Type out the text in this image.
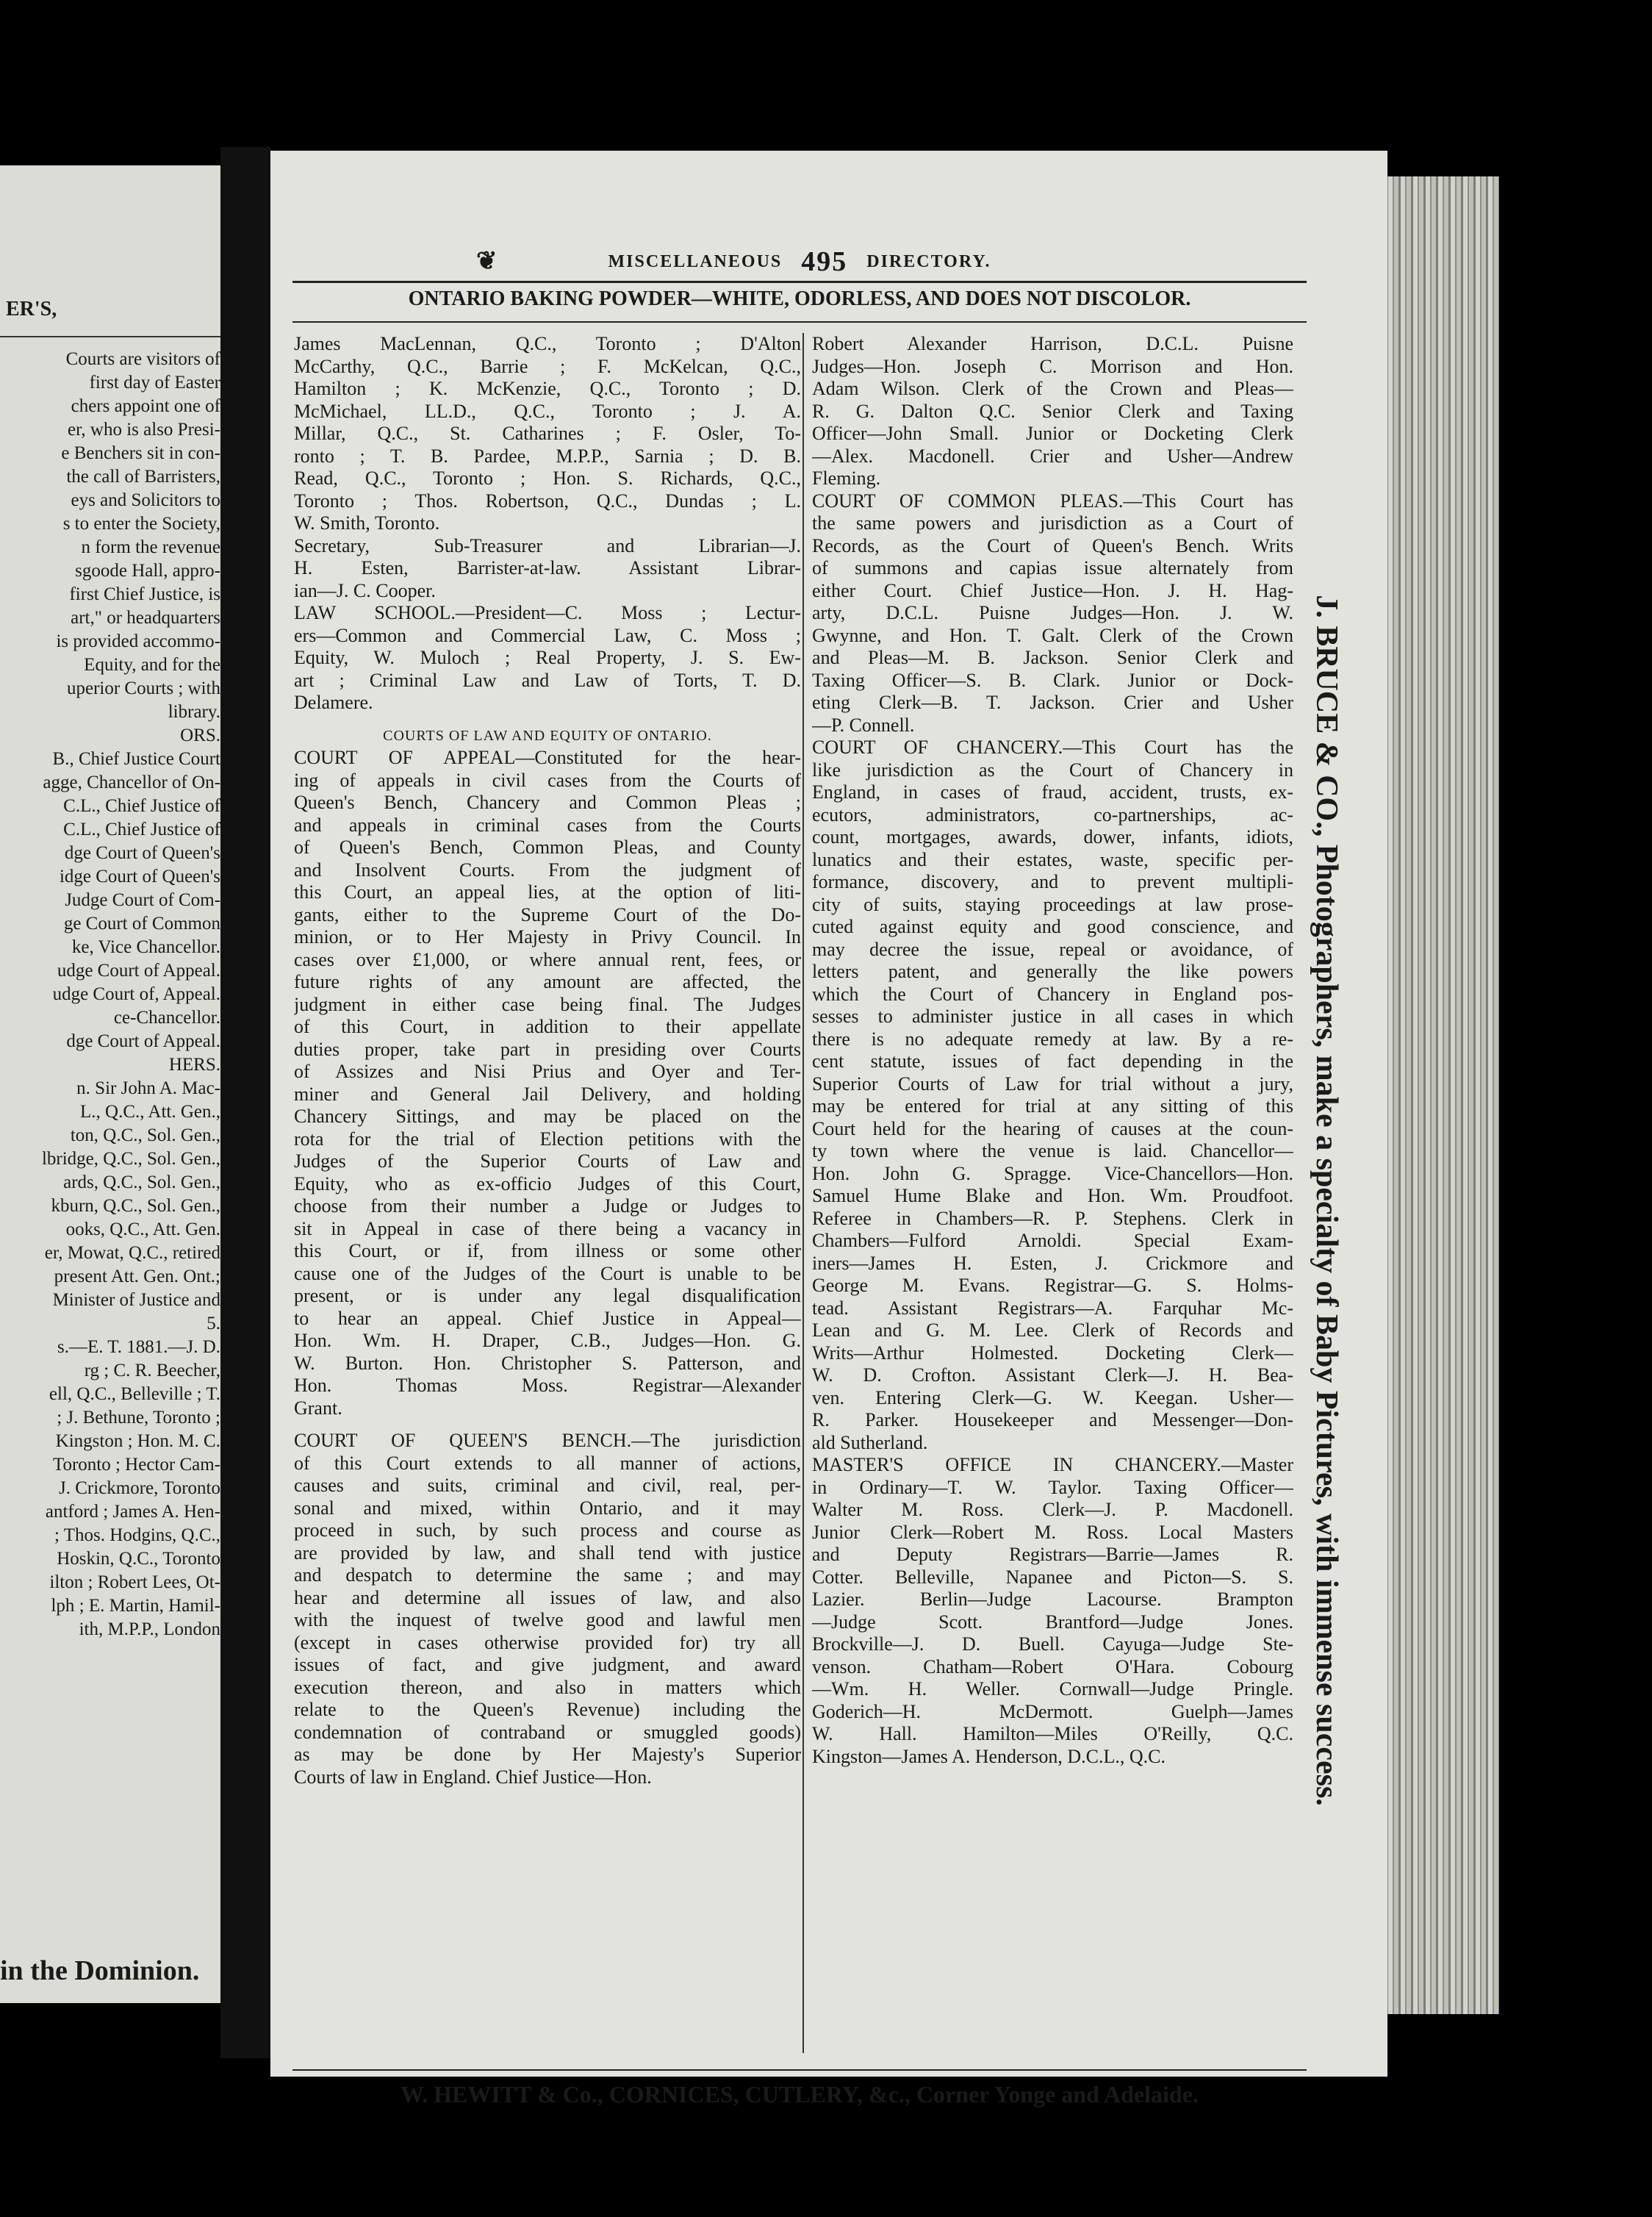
ER'S,
Courts are visitors of
first day of Easter
chers appoint one of
er, who is also Presi-
e Benchers sit in con-
the call of Barristers,
eys and Solicitors to
s to enter the Society,
n form the revenue
sgoode Hall, appro-
first Chief Justice, is
art," or headquarters
is provided accommo-
Equity, and for the
uperior Courts ; with
library.
ORS.
B., Chief Justice Court
agge, Chancellor of On-
C.L., Chief Justice of
C.L., Chief Justice of
dge Court of Queen's
idge Court of Queen's
Judge Court of Com-
ge Court of Common
ke, Vice Chancellor.
udge Court of Appeal.
udge Court of, Appeal.
ce-Chancellor.
dge Court of Appeal.
HERS.
n. Sir John A. Mac-
L., Q.C., Att. Gen.,
ton, Q.C., Sol. Gen.,
lbridge, Q.C., Sol. Gen.,
ards, Q.C., Sol. Gen.,
kburn, Q.C., Sol. Gen.,
ooks, Q.C., Att. Gen.
er, Mowat, Q.C., retired
present Att. Gen. Ont.;
Minister of Justice and
5.
s.—E. T. 1881.—J. D.
rg ; C. R. Beecher,
ell, Q.C., Belleville ; T.
; J. Bethune, Toronto ;
Kingston ; Hon. M. C.
Toronto ; Hector Cam-
J. Crickmore, Toronto
antford ; James A. Hen-
; Thos. Hodgins, Q.C.,
Hoskin, Q.C., Toronto
ilton ; Robert Lees, Ot-
lph ; E. Martin, Hamil-
ith, M.P.P., London
in the Dominion.
❦	MISCELLANEOUS 495 DIRECTORY.
ONTARIO BAKING POWDER—WHITE, ODORLESS, AND DOES NOT DISCOLOR.
James MacLennan, Q.C., Toronto ; D'Alton
McCarthy, Q.C., Barrie ; F. McKelcan, Q.C.,
Hamilton ; K. McKenzie, Q.C., Toronto ; D.
McMichael, LL.D., Q.C., Toronto ; J. A.
Millar, Q.C., St. Catharines ; F. Osler, To-
ronto ; T. B. Pardee, M.P.P., Sarnia ; D. B.
Read, Q.C., Toronto ; Hon. S. Richards, Q.C.,
Toronto ; Thos. Robertson, Q.C., Dundas ; L.
W. Smith, Toronto.
Secretary, Sub-Treasurer and Librarian—J.
H. Esten, Barrister-at-law. Assistant Librar-
ian—J. C. Cooper.
LAW SCHOOL.—President—C. Moss ; Lectur-
ers—Common and Commercial Law, C. Moss ;
Equity, W. Muloch ; Real Property, J. S. Ew-
art ; Criminal Law and Law of Torts, T. D.
Delamere.
COURTS OF LAW AND EQUITY OF ONTARIO.
COURT OF APPEAL—Constituted for the hear-
ing of appeals in civil cases from the Courts of
Queen's Bench, Chancery and Common Pleas ;
and appeals in criminal cases from the Courts
of Queen's Bench, Common Pleas, and County
and Insolvent Courts. From the judgment of
this Court, an appeal lies, at the option of liti-
gants, either to the Supreme Court of the Do-
minion, or to Her Majesty in Privy Council. In
cases over £1,000, or where annual rent, fees, or
future rights of any amount are affected, the
judgment in either case being final. The Judges
of this Court, in addition to their appellate
duties proper, take part in presiding over Courts
of Assizes and Nisi Prius and Oyer and Ter-
miner and General Jail Delivery, and holding
Chancery Sittings, and may be placed on the
rota for the trial of Election petitions with the
Judges of the Superior Courts of Law and
Equity, who as ex-officio Judges of this Court,
choose from their number a Judge or Judges to
sit in Appeal in case of there being a vacancy in
this Court, or if, from illness or some other
cause one of the Judges of the Court is unable to be
present, or is under any legal disqualification
to hear an appeal. Chief Justice in Appeal—
Hon. Wm. H. Draper, C.B., Judges—Hon. G.
W. Burton. Hon. Christopher S. Patterson, and
Hon. Thomas Moss. Registrar—Alexander
Grant.
COURT OF QUEEN'S BENCH.—The jurisdiction
of this Court extends to all manner of actions,
causes and suits, criminal and civil, real, per-
sonal and mixed, within Ontario, and it may
proceed in such, by such process and course as
are provided by law, and shall tend with justice
and despatch to determine the same ; and may
hear and determine all issues of law, and also
with the inquest of twelve good and lawful men
(except in cases otherwise provided for) try all
issues of fact, and give judgment, and award
execution thereon, and also in matters which
relate to the Queen's Revenue) including the
condemnation of contraband or smuggled goods)
as may be done by Her Majesty's Superior
Courts of law in England. Chief Justice—Hon.
Robert Alexander Harrison, D.C.L. Puisne
Judges—Hon. Joseph C. Morrison and Hon.
Adam Wilson. Clerk of the Crown and Pleas—
R. G. Dalton Q.C. Senior Clerk and Taxing
Officer—John Small. Junior or Docketing Clerk
—Alex. Macdonell. Crier and Usher—Andrew
Fleming.
COURT OF COMMON PLEAS.—This Court has
the same powers and jurisdiction as a Court of
Records, as the Court of Queen's Bench. Writs
of summons and capias issue alternately from
either Court. Chief Justice—Hon. J. H. Hag-
arty, D.C.L. Puisne Judges—Hon. J. W.
Gwynne, and Hon. T. Galt. Clerk of the Crown
and Pleas—M. B. Jackson. Senior Clerk and
Taxing Officer—S. B. Clark. Junior or Dock-
eting Clerk—B. T. Jackson. Crier and Usher
—P. Connell.
COURT OF CHANCERY.—This Court has the
like jurisdiction as the Court of Chancery in
England, in cases of fraud, accident, trusts, ex-
ecutors, administrators, co-partnerships, ac-
count, mortgages, awards, dower, infants, idiots,
lunatics and their estates, waste, specific per-
formance, discovery, and to prevent multipli-
city of suits, staying proceedings at law prose-
cuted against equity and good conscience, and
may decree the issue, repeal or avoidance, of
letters patent, and generally the like powers
which the Court of Chancery in England pos-
sesses to administer justice in all cases in which
there is no adequate remedy at law. By a re-
cent statute, issues of fact depending in the
Superior Courts of Law for trial without a jury,
may be entered for trial at any sitting of this
Court held for the hearing of causes at the coun-
ty town where the venue is laid. Chancellor—
Hon. John G. Spragge. Vice-Chancellors—Hon.
Samuel Hume Blake and Hon. Wm. Proudfoot.
Referee in Chambers—R. P. Stephens. Clerk in
Chambers—Fulford Arnoldi. Special Exam-
iners—James H. Esten, J. Crickmore and
George M. Evans. Registrar—G. S. Holms-
tead. Assistant Registrars—A. Farquhar Mc-
Lean and G. M. Lee. Clerk of Records and
Writs—Arthur Holmested. Docketing Clerk—
W. D. Crofton. Assistant Clerk—J. H. Bea-
ven. Entering Clerk—G. W. Keegan. Usher—
R. Parker. Housekeeper and Messenger—Don-
ald Sutherland.
MASTER'S OFFICE IN CHANCERY.—Master
in Ordinary—T. W. Taylor. Taxing Officer—
Walter M. Ross. Clerk—J. P. Macdonell.
Junior Clerk—Robert M. Ross. Local Masters
and Deputy Registrars—Barrie—James R.
Cotter. Belleville, Napanee and Picton—S. S.
Lazier. Berlin—Judge Lacourse. Brampton
—Judge Scott. Brantford—Judge Jones.
Brockville—J. D. Buell. Cayuga—Judge Ste-
venson. Chatham—Robert O'Hara. Cobourg
—Wm. H. Weller. Cornwall—Judge Pringle.
Goderich—H. McDermott. Guelph—James
W. Hall. Hamilton—Miles O'Reilly, Q.C.
Kingston—James A. Henderson, D.C.L., Q.C.	J. BRUCE & CO., Photographers, make a specialty of Baby Pictures, with immense success.
W. HEWITT & Co., CORNICES, CUTLERY, &c., Corner Yonge and Adelaide.
